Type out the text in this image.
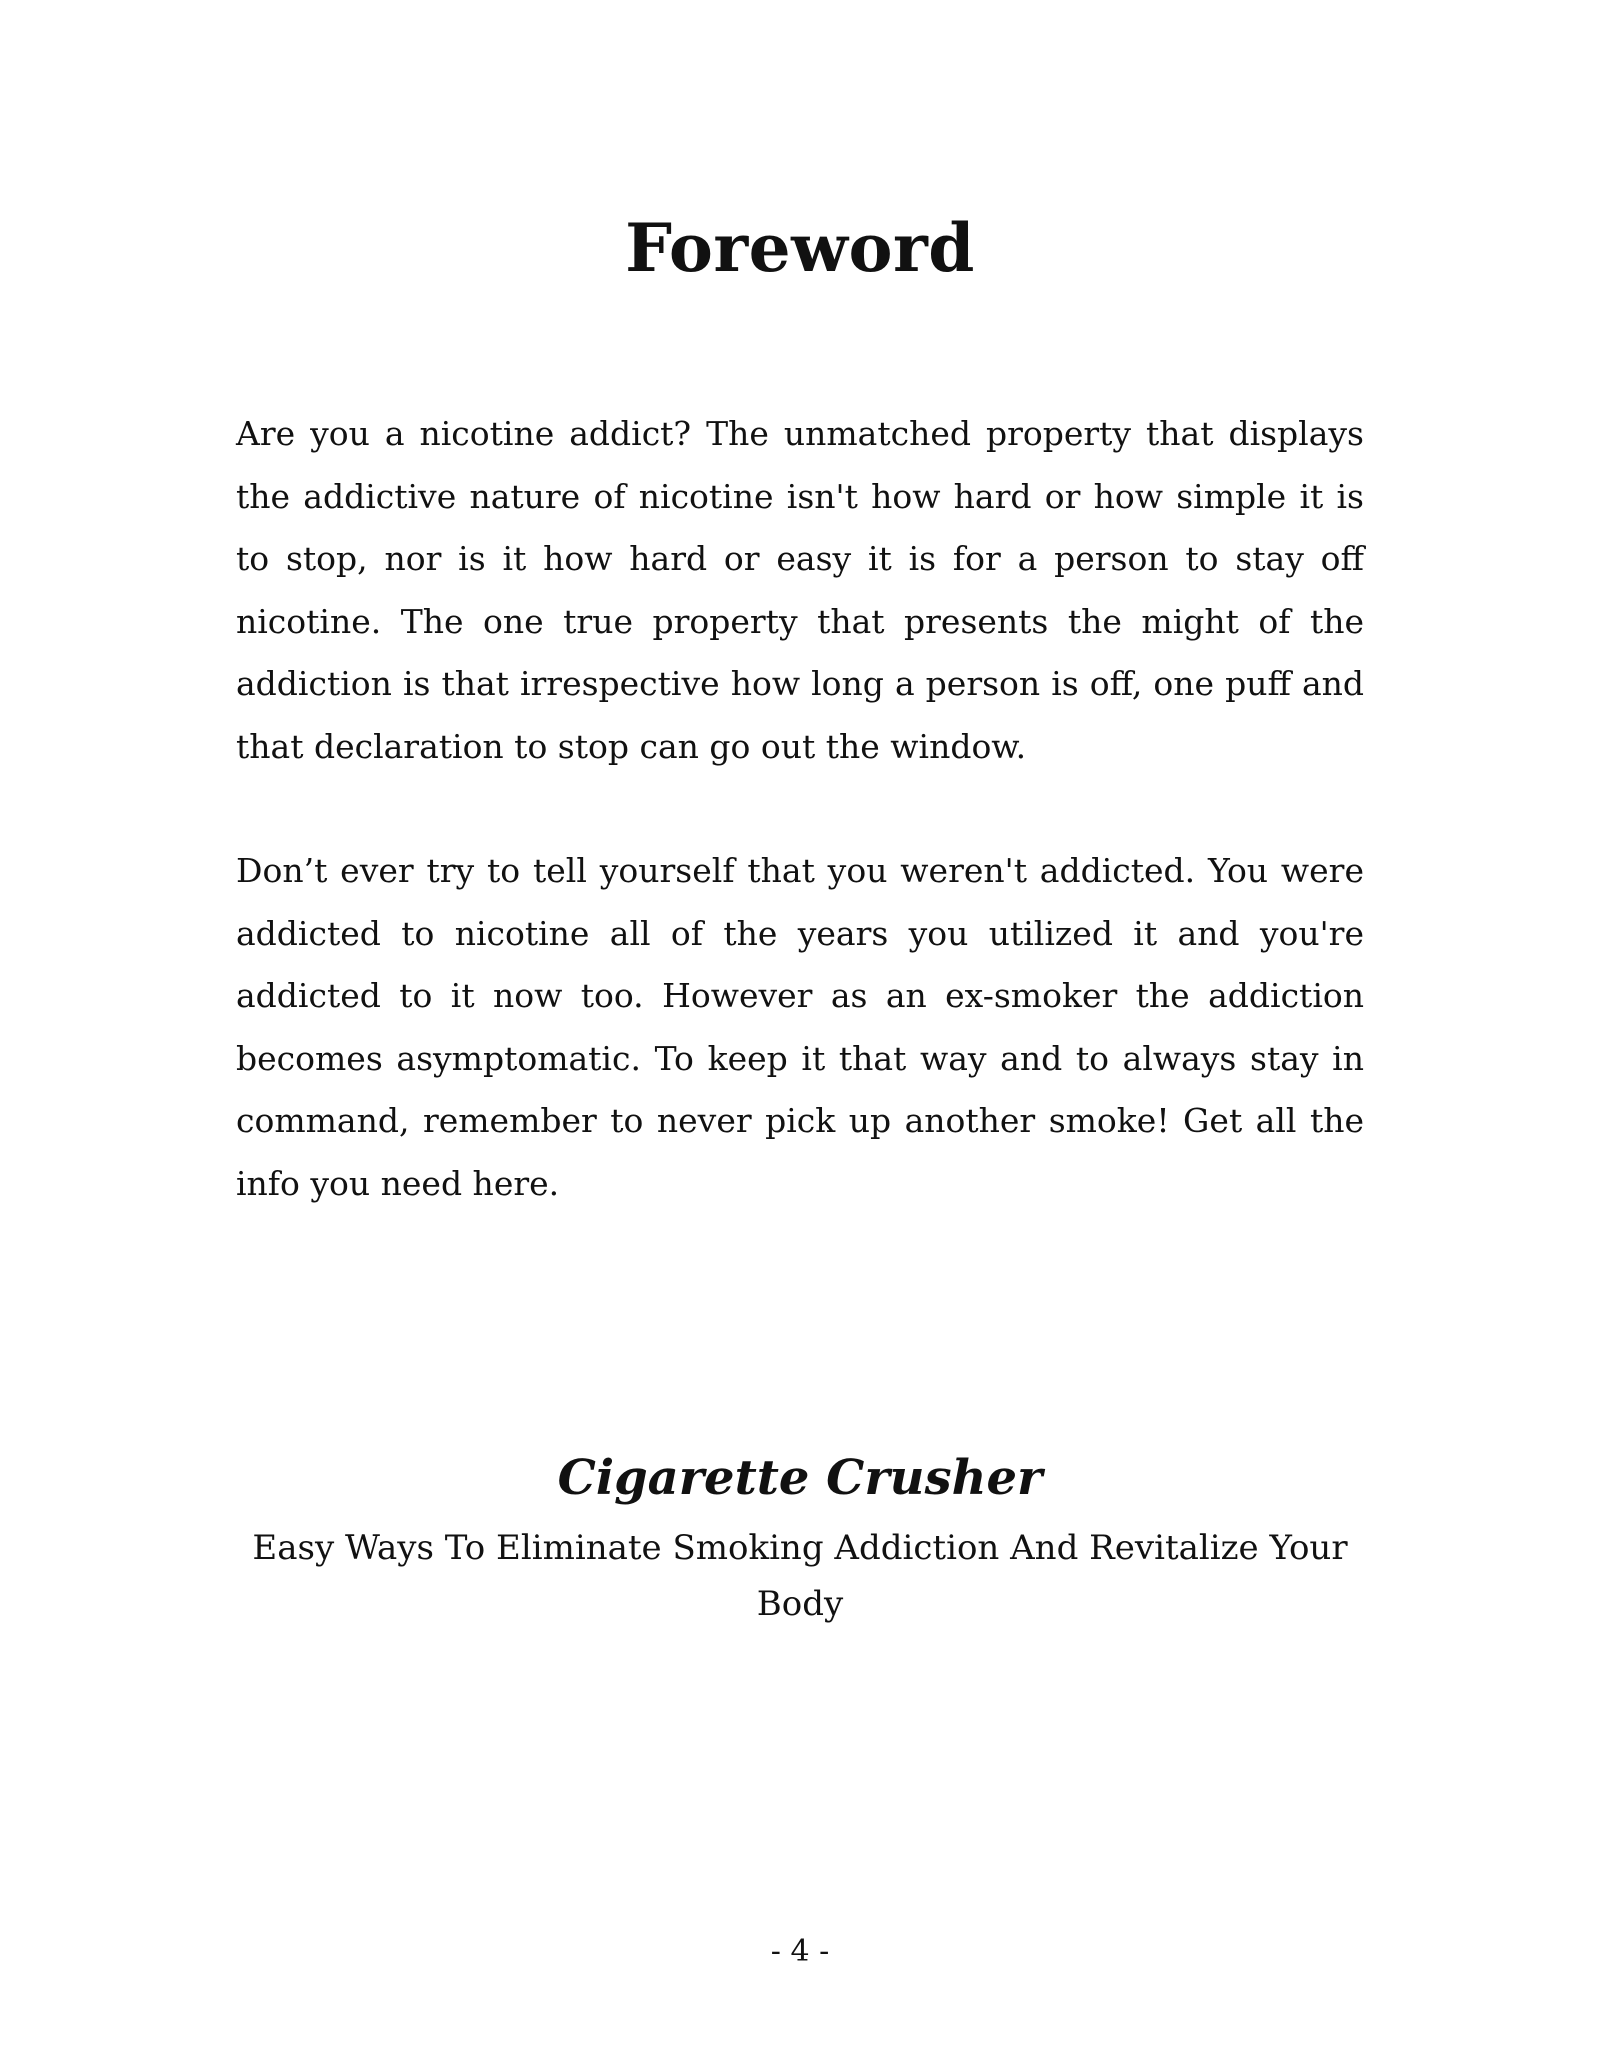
Foreword

Are you a nicotine addict? The unmatched property that displays the addictive nature of nicotine isn't how hard or how simple it is to stop, nor is it how hard or easy it is for a person to stay off nicotine. The one true property that presents the might of the addiction is that irrespective how long a person is off, one puff and that declaration to stop can go out the window.

Don’t ever try to tell yourself that you weren't addicted. You were addicted to nicotine all of the years you utilized it and you're addicted to it now too. However as an ex-smoker the addiction becomes asymptomatic. To keep it that way and to always stay in command, remember to never pick up another smoke! Get all the info you need here.

Cigarette Crusher

Easy Ways To Eliminate Smoking Addiction And Revitalize Your Body

- 4 -
